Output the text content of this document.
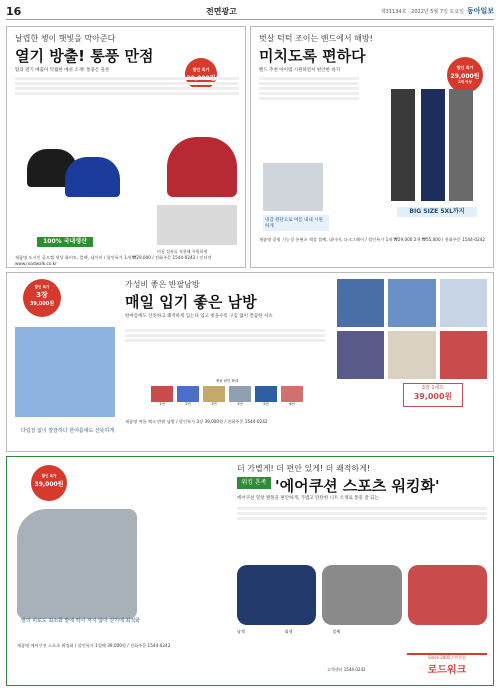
16	전면광고	제31134호 · 2022년 5월 7일 토요일 동아일보
날렵한 챙이 햇빛을 막아준다
열기 방출! 통풍 만점
할인 특가
땀과 열기 배출이 탁월한 메쉬 소재! 통풍은 물론
100% 국내생산
비침 섬유를 적용해 시원하게
제품명 도시인 골프캡 색상 화이트, 블랙, 네이비 / 할인특가 1개 ₩29,000 / 전화주문 1544-0242 / 인터넷 www.roadwalk.co.kr
벗살 턱턱 조이는 밴드에서 해방!
미치도록 편하다
할인 특가
29,000원
2개 이상
밴드 추천 아이템 시원하면서 편안한 바지
냉감 원단으로 여름 내내 시원하게
BIG SIZE 5XL까지
제품명 쿨링 기능성 롱팬츠 색상 블랙, 네이비, 다크그레이 / 할인특가 1개 ₩29,000 2개 ₩55,000 / 전화주문 1544-0242
할인 특가
3장
39,000원
다림질 없이 깔끔하다 한여름에도 산뜻하게
가성비 좋은 반팔남방
매일 입기 좋은 남방
한여름에도 산뜻하고 쾌적하게 입는다 입고 벗을수록 구김 없이 깔끔한 셔츠
제품 원단 확대
1번	2번	3번	4번	5번	6번
3장 1세트
39,000원
제품명 여름 체크 반팔 남방 / 할인특가 3장 39,000원 / 전화주문 1544-0242
할인 특가
39,000원
발의 피로도 최소화 발에 딱이 저지 않아 걷기에 최적화
더 가볍게! 더 편안 있게! 더 쾌적하게!
워킹 혼족 '에어쿠션 스포츠 워킹화'
에어쿠션 밑창 발볼을 편안하게, 가볍고 탄탄한 니트 소재로 통풍 잘 되는
남색	회색	블랙
제품명 에어쿠션 스포츠 워킹화 / 할인특가 1켤레 39,000원 / 전화주문 1544-0242
Since 2005 / 전문업
로드워크
고객센터 1544-0242
